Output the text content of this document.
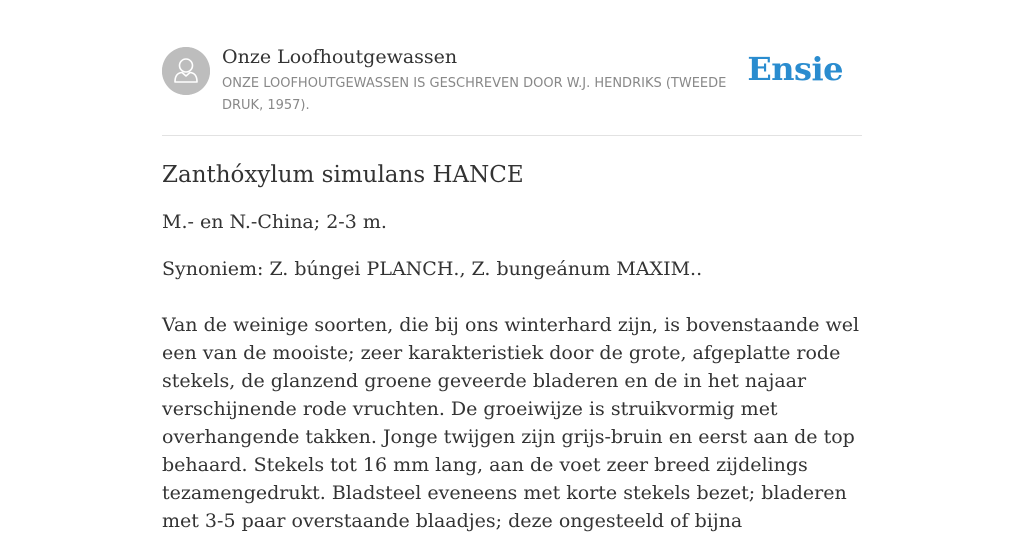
Onze Loofhoutgewassen
ONZE LOOFHOUTGEWASSEN IS GESCHREVEN DOOR W.J. HENDRIKS (TWEEDE DRUK, 1957).
Ensie
Zanthóxylum simulans HANCE

M.- en N.-China; 2-3 m.

Synoniem: Z. búngei PLANCH., Z. bungeánum MAXIM..

Van de weinige soorten, die bij ons winterhard zijn, is bovenstaande wel een van de mooiste; zeer karakteristiek door de grote, afgeplatte rode stekels, de glanzend groene geveerde bladeren en de in het najaar verschijnende rode vruchten. De groeiwijze is struikvormig met overhangende takken. Jonge twijgen zijn grijs-bruin en eerst aan de top behaard. Stekels tot 16 mm lang, aan de voet zeer breed zijdelings tezamengedrukt. Bladsteel eveneens met korte stekels bezet; bladeren met 3-5 paar overstaande blaadjes; deze ongesteeld of bijna
